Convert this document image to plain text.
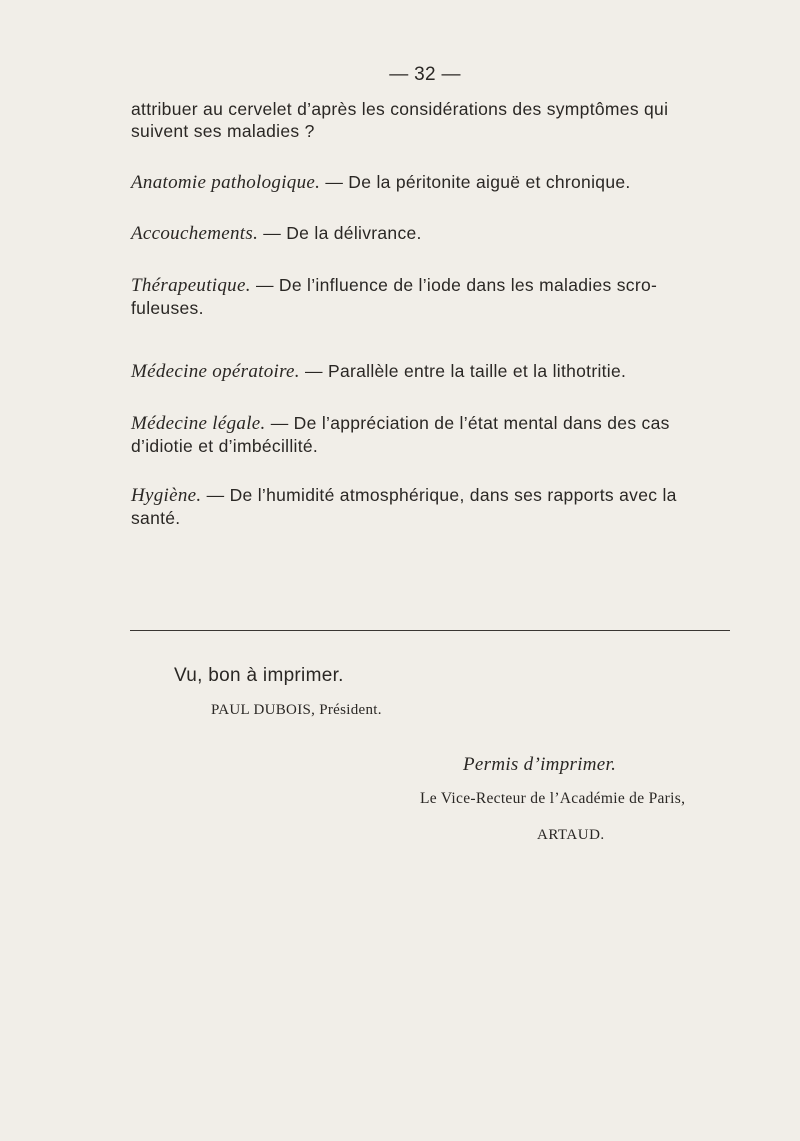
— 32 —
attribuer au cervelet d’après les considérations des symptômes qui suivent ses maladies ?
Anatomie pathologique. — De la péritonite aiguë et chronique.
Accouchements. — De la délivrance.
Thérapeutique. — De l’influence de l’iode dans les maladies scro-fuleuses.
Médecine opératoire. — Parallèle entre la taille et la lithotritie.
Médecine légale. — De l’appréciation de l’état mental dans des cas d’idiotie et d’imbécillité.
Hygiène. — De l’humidité atmosphérique, dans ses rapports avec la santé.
Vu, bon à imprimer.
PAUL DUBOIS, Président.
Permis d’imprimer.
Le Vice-Recteur de l’Académie de Paris,
ARTAUD.
